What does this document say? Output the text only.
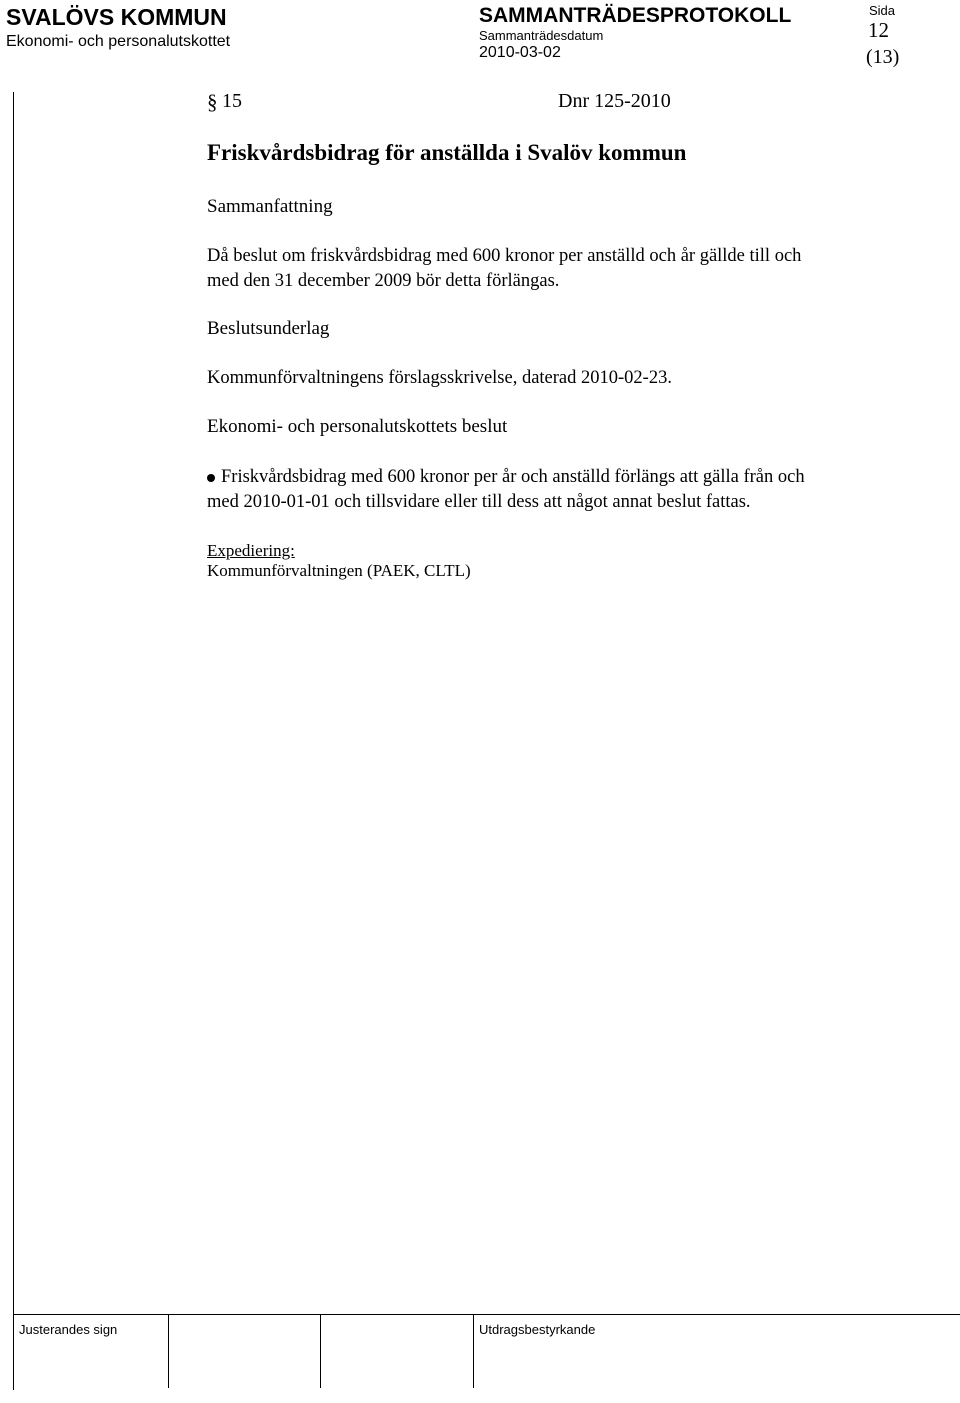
SVALÖVS KOMMUN
Ekonomi- och personalutskottet
SAMMANTRÄDESPROTOKOLL
Sammanträdesdatum
2010-03-02
Sida
12
(13)
§ 15	Dnr 125-2010
Friskvårdsbidrag för anställda i Svalöv kommun
Sammanfattning
Då beslut om friskvårdsbidrag med 600 kronor per anställd och år gällde till och
med den 31 december 2009 bör detta förlängas.
Beslutsunderlag
Kommunförvaltningens förslagsskrivelse, daterad 2010-02-23.
Ekonomi- och personalutskottets beslut
Friskvårdsbidrag med 600 kronor per år och anställd förlängs att gälla från och
med 2010-01-01 och tillsvidare eller till dess att något annat beslut fattas.
Expediering:
Kommunförvaltningen (PAEK, CLTL)
Justerandes sign	Utdragsbestyrkande
